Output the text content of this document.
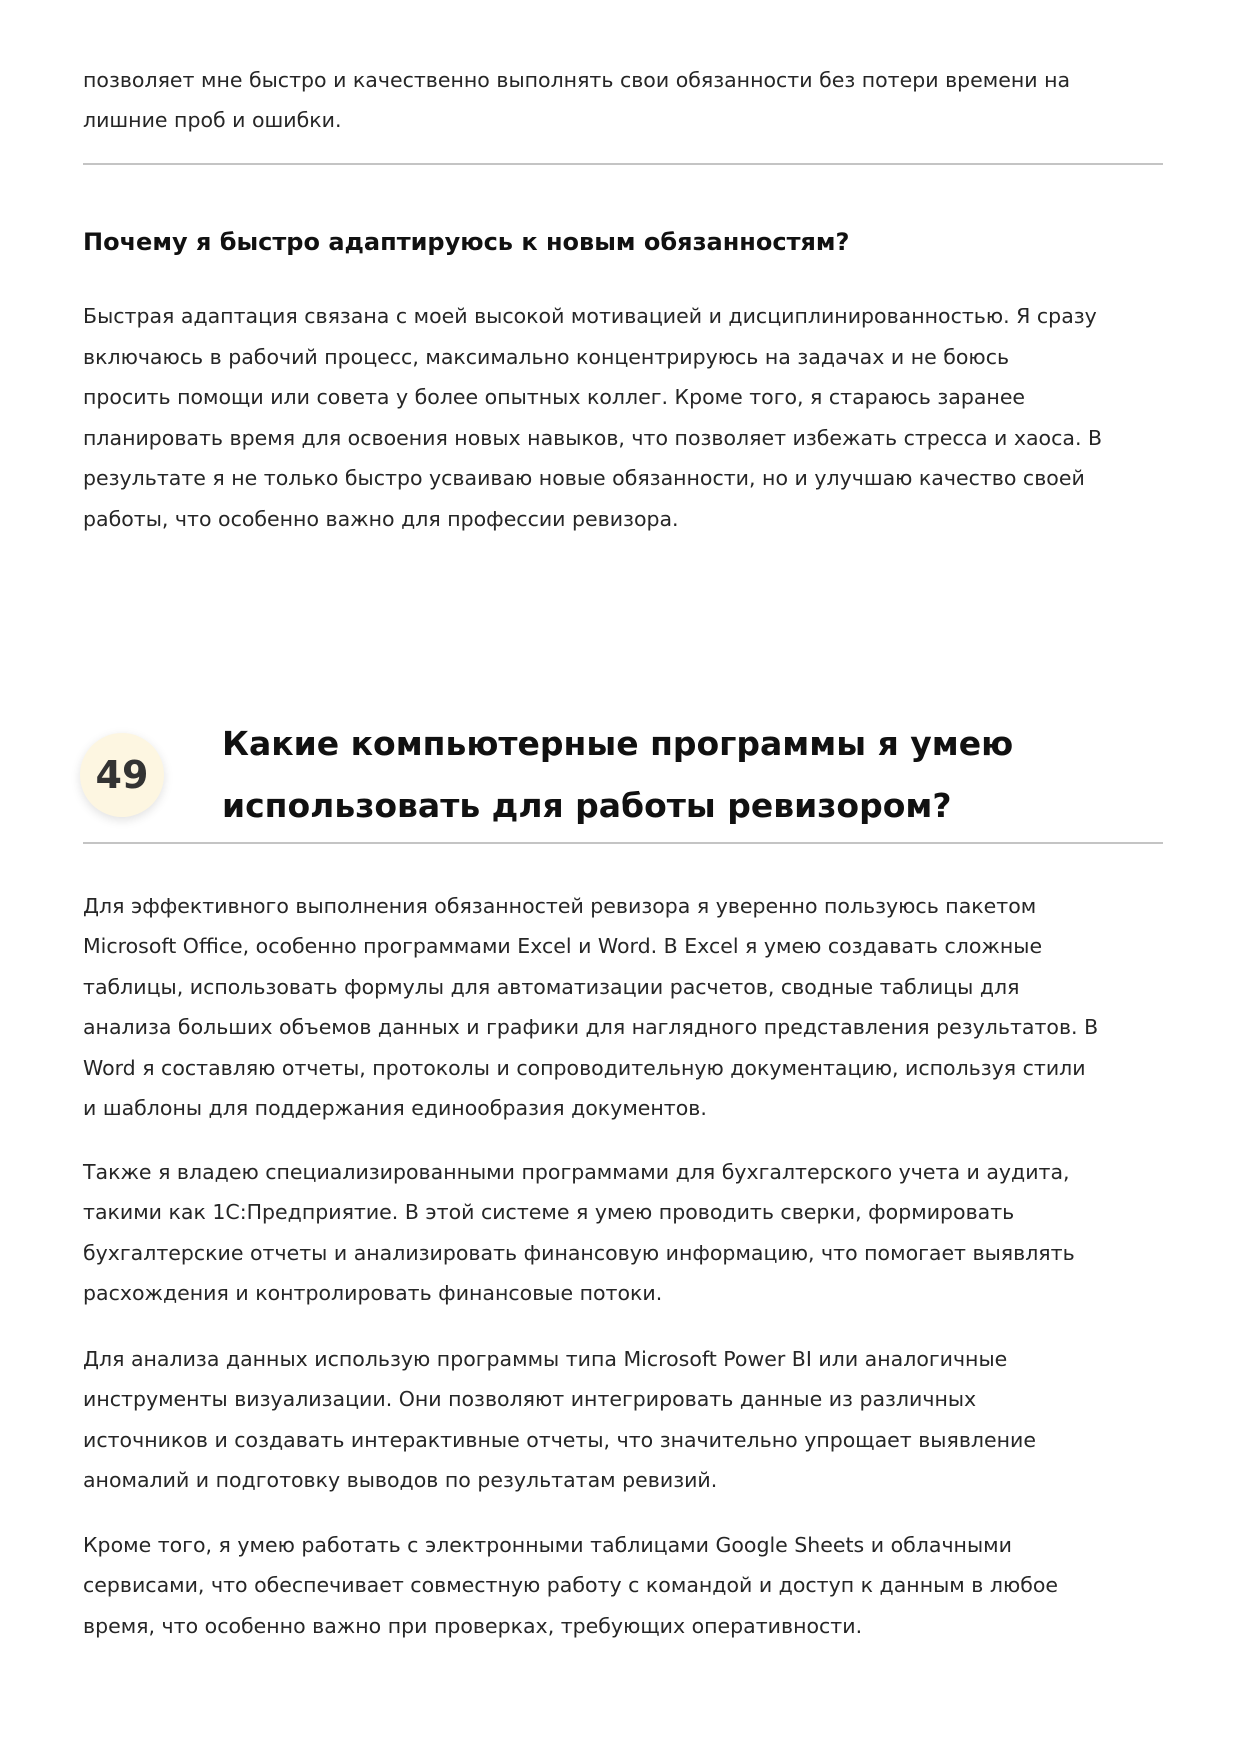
позволяет мне быстро и качественно выполнять свои обязанности без потери времени на
лишние проб и ошибки.
Почему я быстро адаптируюсь к новым обязанностям?
Быстрая адаптация связана с моей высокой мотивацией и дисциплинированностью. Я сразу
включаюсь в рабочий процесс, максимально концентрируюсь на задачах и не боюсь
просить помощи или совета у более опытных коллег. Кроме того, я стараюсь заранее
планировать время для освоения новых навыков, что позволяет избежать стресса и хаоса. В
результате я не только быстро усваиваю новые обязанности, но и улучшаю качество своей
работы, что особенно важно для профессии ревизора.
49
Какие компьютерные программы я умею
использовать для работы ревизором?
Для эффективного выполнения обязанностей ревизора я уверенно пользуюсь пакетом
Microsoft Office, особенно программами Excel и Word. В Excel я умею создавать сложные
таблицы, использовать формулы для автоматизации расчетов, сводные таблицы для
анализа больших объемов данных и графики для наглядного представления результатов. В
Word я составляю отчеты, протоколы и сопроводительную документацию, используя стили
и шаблоны для поддержания единообразия документов.
Также я владею специализированными программами для бухгалтерского учета и аудита,
такими как 1С:Предприятие. В этой системе я умею проводить сверки, формировать
бухгалтерские отчеты и анализировать финансовую информацию, что помогает выявлять
расхождения и контролировать финансовые потоки.
Для анализа данных использую программы типа Microsoft Power BI или аналогичные
инструменты визуализации. Они позволяют интегрировать данные из различных
источников и создавать интерактивные отчеты, что значительно упрощает выявление
аномалий и подготовку выводов по результатам ревизий.
Кроме того, я умею работать с электронными таблицами Google Sheets и облачными
сервисами, что обеспечивает совместную работу с командой и доступ к данным в любое
время, что особенно важно при проверках, требующих оперативности.
